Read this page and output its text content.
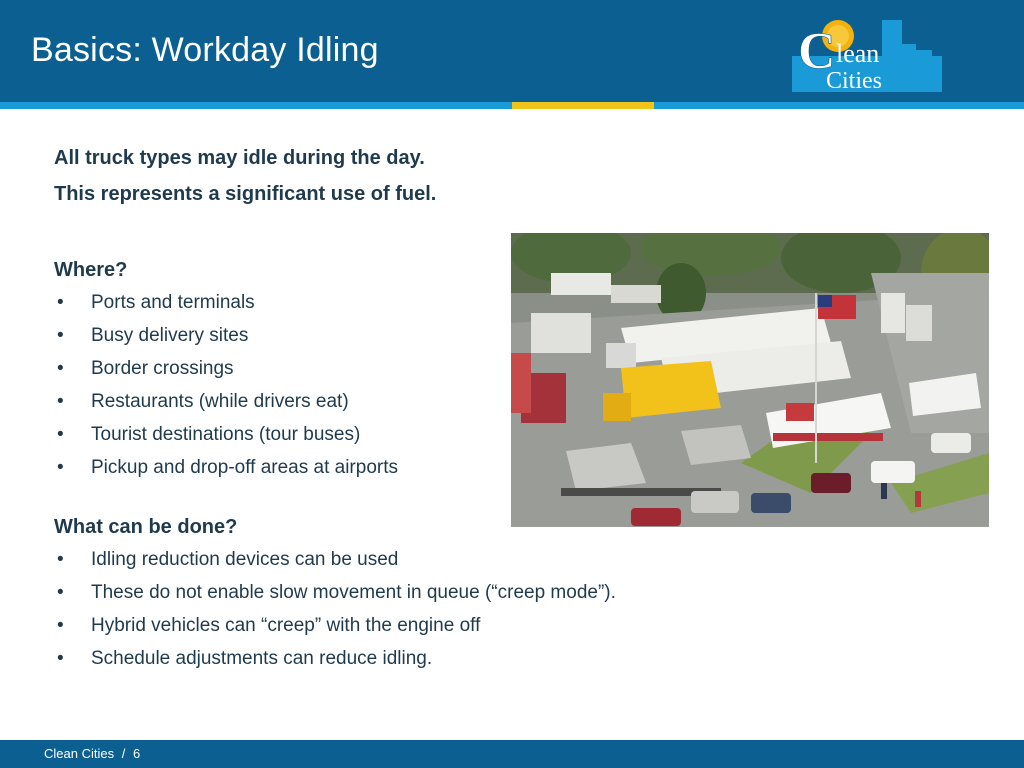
Basics: Workday Idling	C lean
Cities

All truck types may idle during the day.

This represents a significant use of fuel.

Where?

• Ports and terminals
• Busy delivery sites
• Border crossings
• Restaurants (while drivers eat)
• Tourist destinations (tour buses)
• Pickup and drop-off areas at airports

What can be done?

• Idling reduction devices can be used
• These do not enable slow movement in queue (“creep mode”).
• Hybrid vehicles can “creep” with the engine off
• Schedule adjustments can reduce idling.
Clean Cities / 6
